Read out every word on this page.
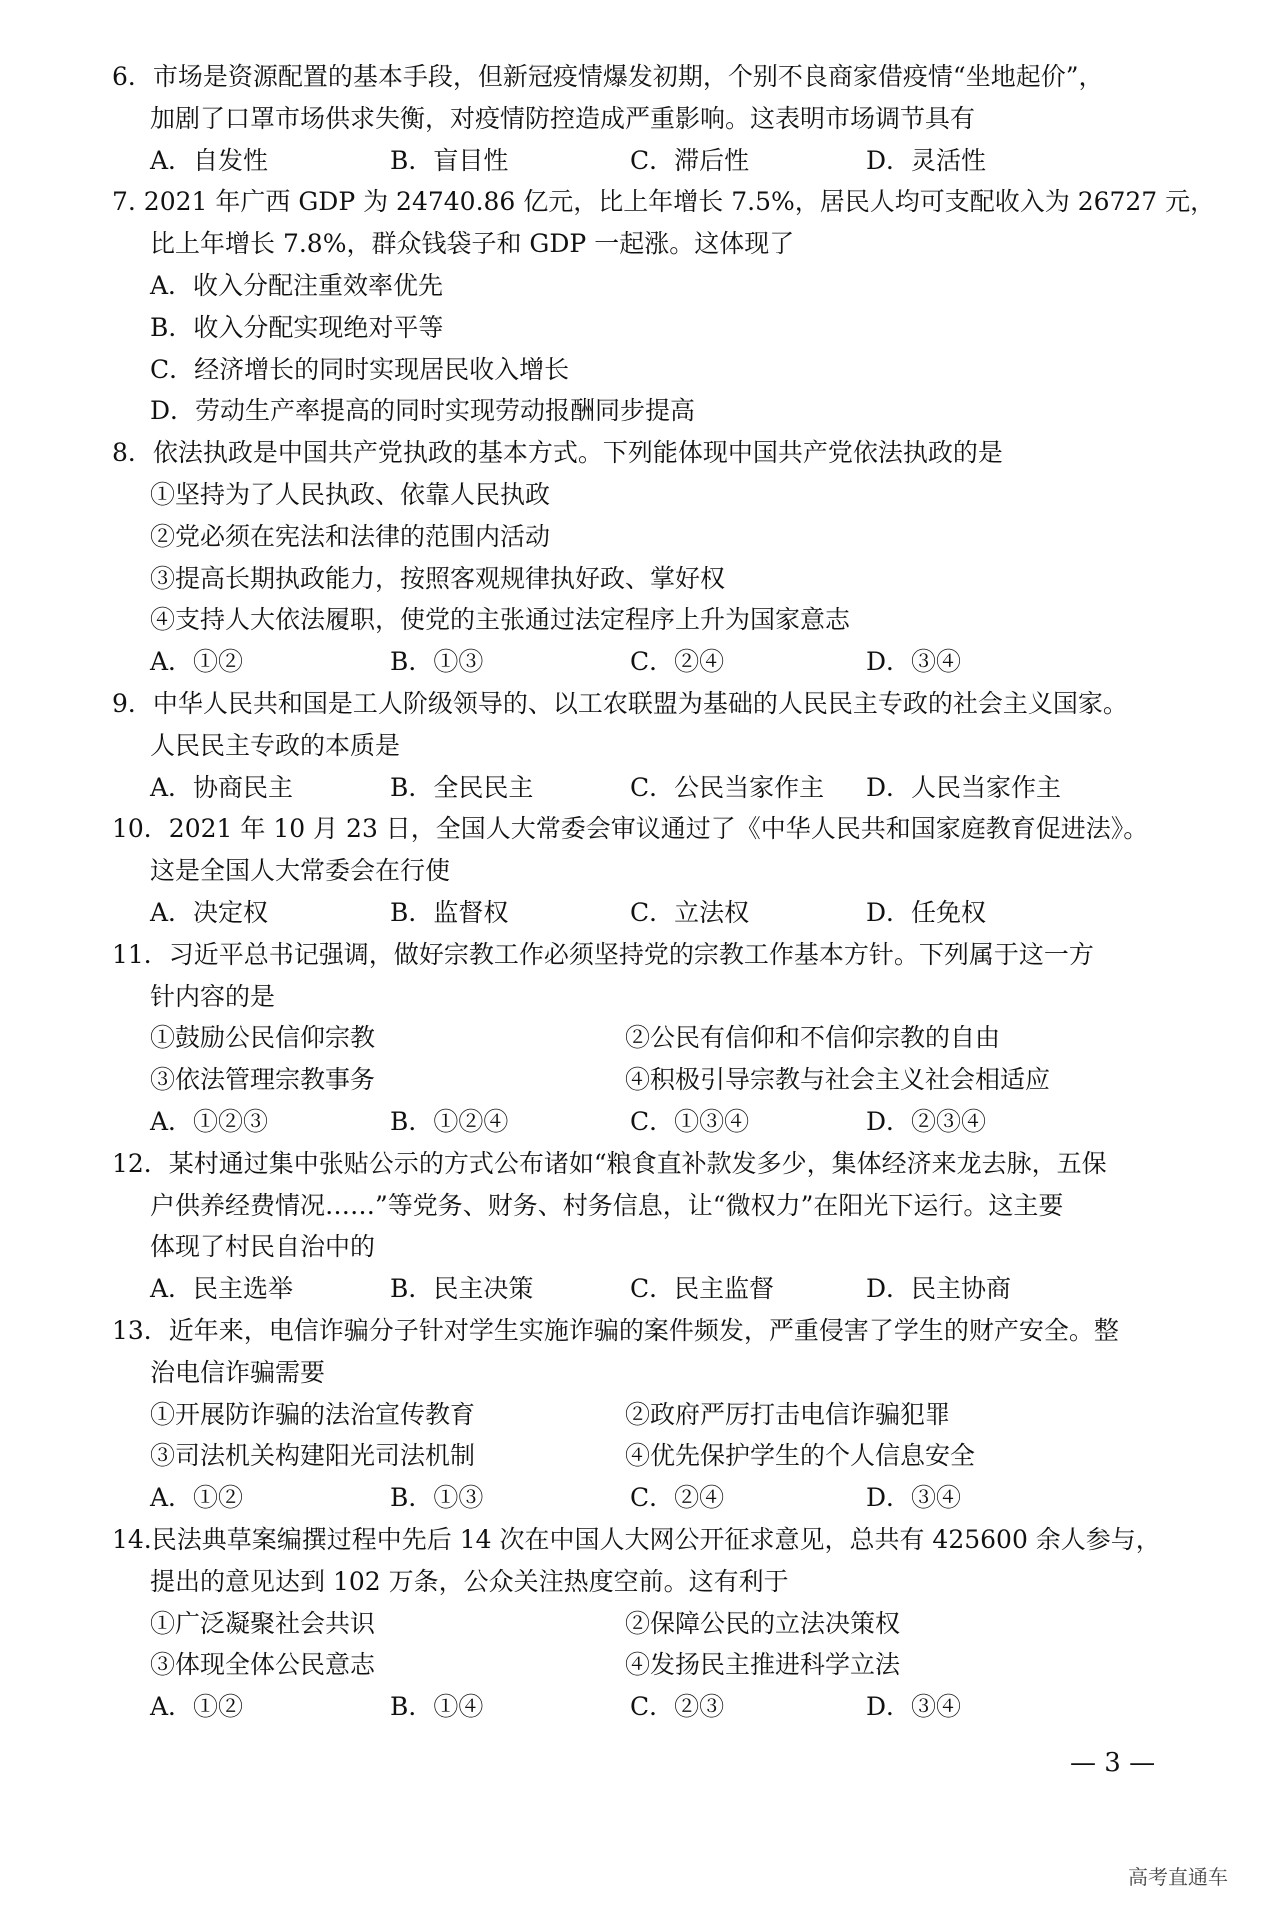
6．市场是资源配置的基本手段，但新冠疫情爆发初期，个别不良商家借疫情“坐地起价”，
加剧了口罩市场供求失衡，对疫情防控造成严重影响。这表明市场调节具有
A．自发性	B．盲目性	C．滞后性	D．灵活性
7. 2021 年广西 GDP 为 24740.86 亿元，比上年增长 7.5%，居民人均可支配收入为 26727 元，
比上年增长 7.8%，群众钱袋子和 GDP 一起涨。这体现了
A．收入分配注重效率优先
B．收入分配实现绝对平等
C．经济增长的同时实现居民收入增长
D．劳动生产率提高的同时实现劳动报酬同步提高
8．依法执政是中国共产党执政的基本方式。下列能体现中国共产党依法执政的是
①坚持为了人民执政、依靠人民执政
②党必须在宪法和法律的范围内活动
③提高长期执政能力，按照客观规律执好政、掌好权
④支持人大依法履职，使党的主张通过法定程序上升为国家意志
A．①②	B．①③	C．②④	D．③④
9．中华人民共和国是工人阶级领导的、以工农联盟为基础的人民民主专政的社会主义国家。
人民民主专政的本质是
A．协商民主	B．全民民主	C．公民当家作主 D．人民当家作主
10．2021 年 10 月 23 日，全国人大常委会审议通过了《中华人民共和国家庭教育促进法》。
这是全国人大常委会在行使
A．决定权	B．监督权	C．立法权	D．任免权
11．习近平总书记强调，做好宗教工作必须坚持党的宗教工作基本方针。下列属于这一方
针内容的是
①鼓励公民信仰宗教	②公民有信仰和不信仰宗教的自由
③依法管理宗教事务	④积极引导宗教与社会主义社会相适应
A．①②③	B．①②④	C．①③④	D．②③④
12．某村通过集中张贴公示的方式公布诸如“粮食直补款发多少，集体经济来龙去脉，五保
户供养经费情况……”等党务、财务、村务信息，让“微权力”在阳光下运行。这主要
体现了村民自治中的
A．民主选举	B．民主决策	C．民主监督	D．民主协商
13．近年来，电信诈骗分子针对学生实施诈骗的案件频发，严重侵害了学生的财产安全。整
治电信诈骗需要
①开展防诈骗的法治宣传教育	②政府严厉打击电信诈骗犯罪
③司法机关构建阳光司法机制	④优先保护学生的个人信息安全
A．①②	B．①③	C．②④	D．③④
14.民法典草案编撰过程中先后 14 次在中国人大网公开征求意见，总共有 425600 余人参与，
提出的意见达到 102 万条，公众关注热度空前。这有利于
①广泛凝聚社会共识	②保障公民的立法决策权
③体现全体公民意志	④发扬民主推进科学立法
A．①②	B．①④	C．②③	D．③④
— 3 —
高考直通车
